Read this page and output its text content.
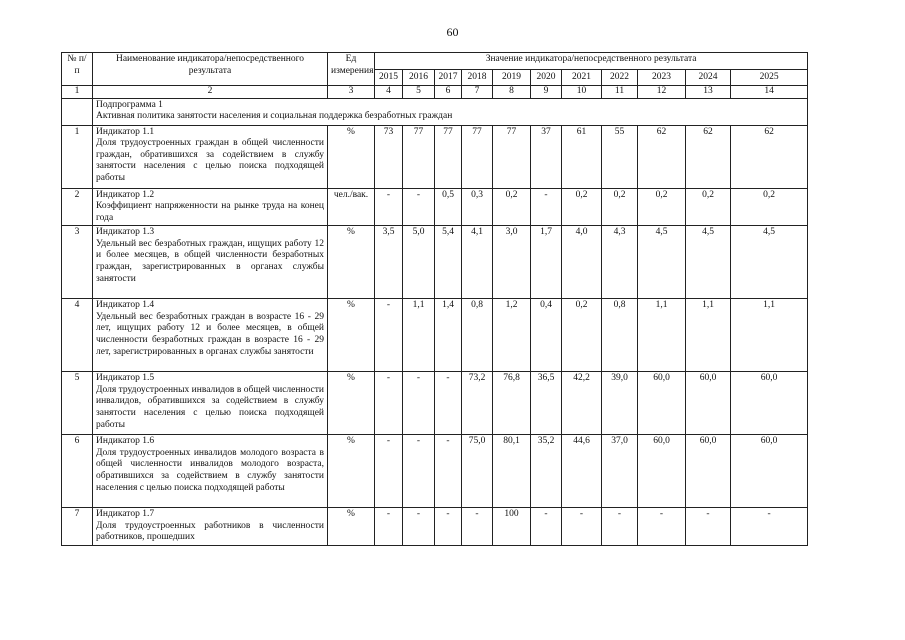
60
№ п/п	Наименование индикатора/непосредственного результата	Ед измерения	Значение индикатора/непосредственного результата										
			2015	2016	2017	2018	2019	2020	2021	2022	2023	2024	2025
1	2	3	4	5	6	7	8	9	10	11	12	13	14

	Подпрограмма 1
Активная политика занятости населения и социальная поддержка безработных граждан												

1	Индикатор 1.1
Доля трудоустроенных граждан в общей численности граждан, обратившихся за содействием в службу занятости населения с целью поиска подходящей работы	%	73	77	77	77	77	37	61	55	62	62	62
2	Индикатор 1.2
Коэффициент напряженности на рынке труда на конец года	чел./вак.	-	-	0,5	0,3	0,2	-	0,2	0,2	0,2	0,2	0,2
3	Индикатор 1.3
Удельный вес безработных граждан, ищущих работу 12 и более месяцев, в общей численности безработных граждан, зарегистрированных в органах службы занятости	%	3,5	5,0	5,4	4,1	3,0	1,7	4,0	4,3	4,5	4,5	4,5
4	Индикатор 1.4
Удельный вес безработных граждан в возрасте 16 - 29 лет, ищущих работу 12 и более месяцев, в общей численности безработных граждан в возрасте 16 - 29 лет, зарегистрированных в органах службы занятости	%	-	1,1	1,4	0,8	1,2	0,4	0,2	0,8	1,1	1,1	1,1
5	Индикатор 1.5
Доля трудоустроенных инвалидов в общей численности инвалидов, обратившихся за содействием в службу занятости населения с целью поиска подходящей работы	%	-	-	-	73,2	76,8	36,5	42,2	39,0	60,0	60,0	60,0
6	Индикатор 1.6
Доля трудоустроенных инвалидов молодого возраста в общей численности инвалидов молодого возраста, обратившихся за содействием в службу занятости населения с целью поиска подходящей работы	%	-	-	-	75,0	80,1	35,2	44,6	37,0	60,0	60,0	60,0
7	Индикатор 1.7
Доля трудоустроенных работников в численности работников, прошедших	%	-	-	-	-	100	-	-	-	-	-	-
